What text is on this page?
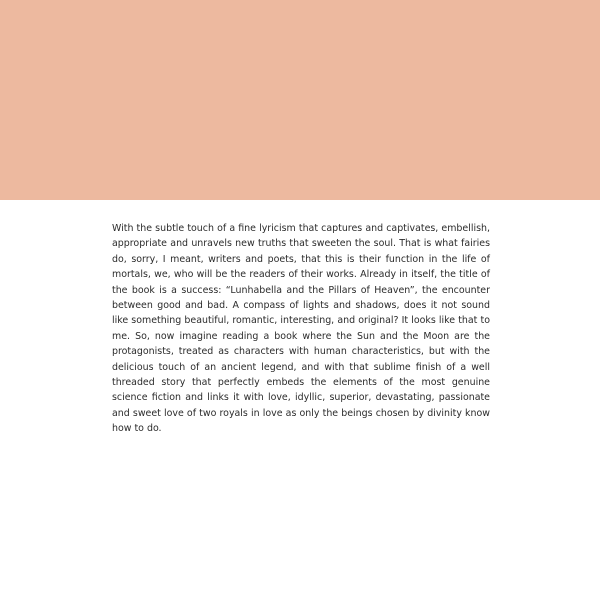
With the subtle touch of a fine lyricism that captures and captivates, embellish, appropriate and unravels new truths that sweeten the soul. That is what fairies do, sorry, I meant, writers and poets, that this is their function in the life of mortals, we, who will be the readers of their works. Already in itself, the title of the book is a success: “Lunhabella and the Pillars of Heaven”, the encounter between good and bad. A compass of lights and shadows, does it not sound like something beautiful, romantic, interesting, and original? It looks like that to me. So, now imagine reading a book where the Sun and the Moon are the protagonists, treated as characters with human characteristics, but with the delicious touch of an ancient legend, and with that sublime finish of a well threaded story that perfectly embeds the elements of the most genuine science fiction and links it with love, idyllic, superior, devastating, passionate and sweet love of two royals in love as only the beings chosen by divinity know how to do.
